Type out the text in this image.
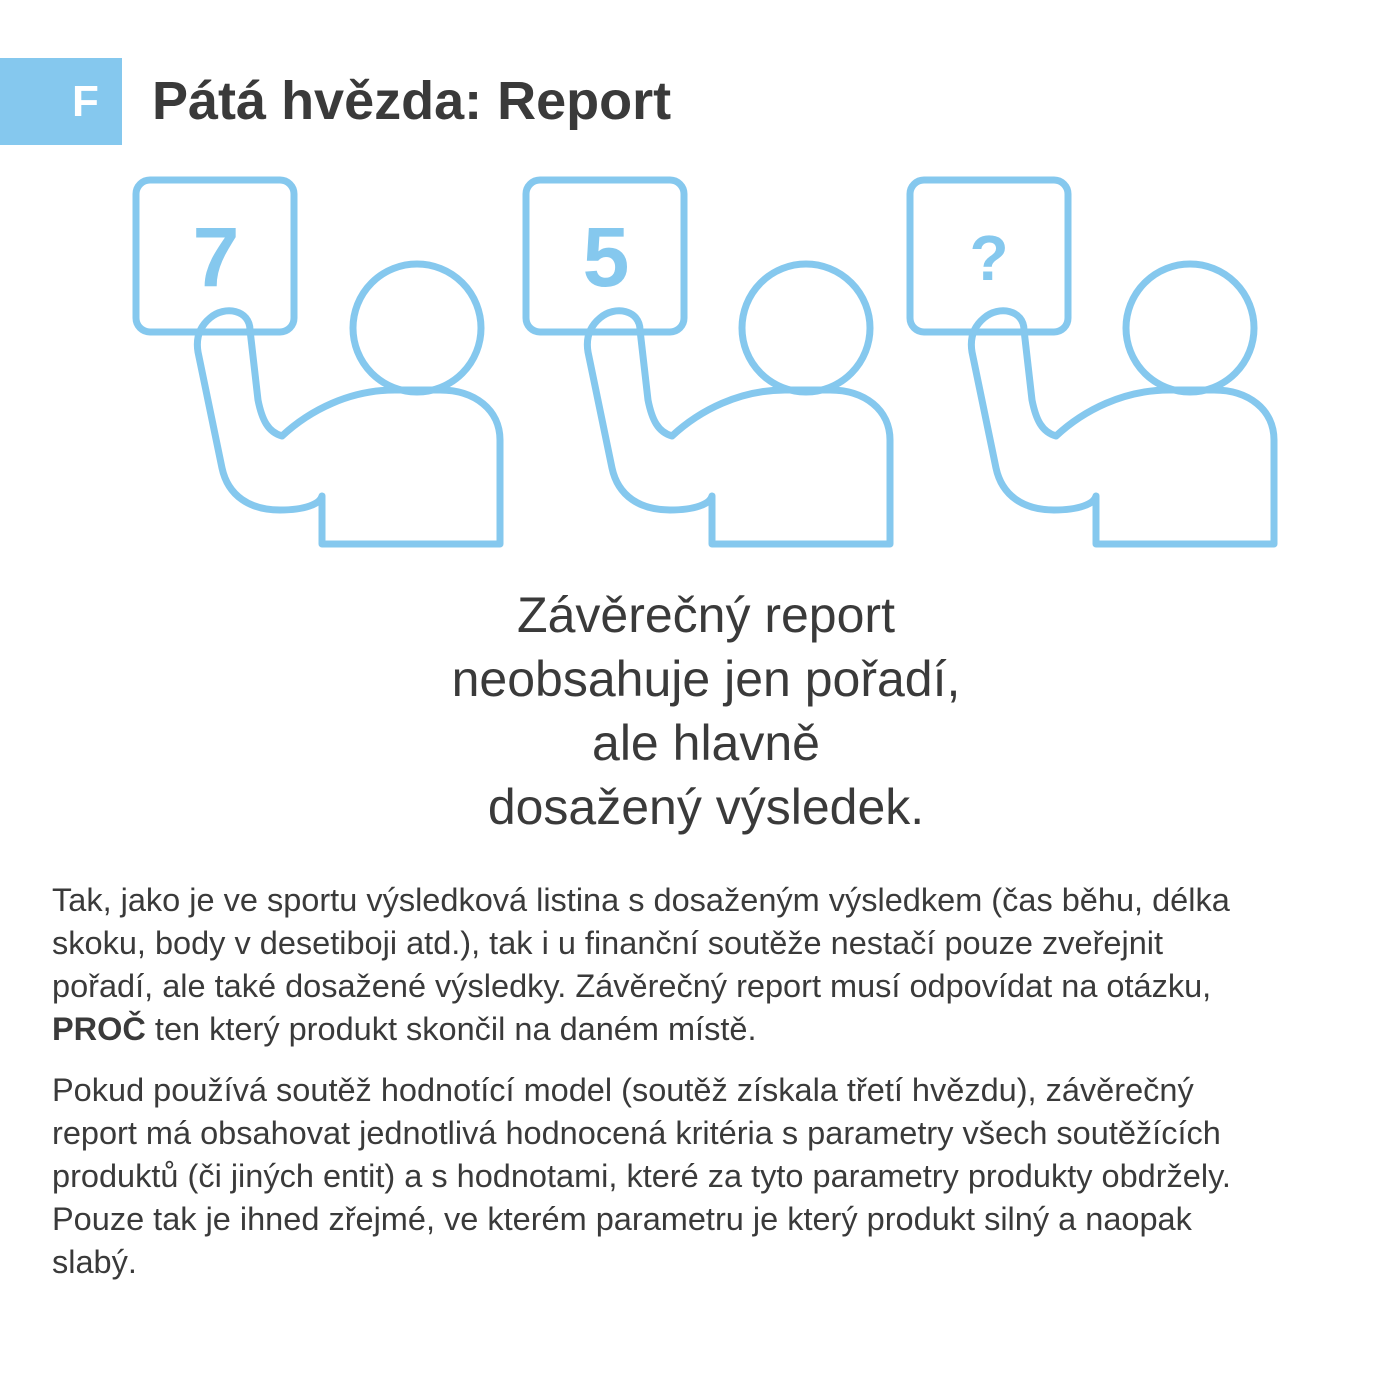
F Pátá hvězda: Report
7	5	?
Závěrečný report
neobsahuje jen pořadí,
ale hlavně
dosažený výsledek.

Tak, jako je ve sportu výsledková listina s dosaženým výsledkem (čas běhu, délka
skoku, body v desetiboji atd.), tak i u finanční soutěže nestačí pouze zveřejnit
pořadí, ale také dosažené výsledky. Závěrečný report musí odpovídat na otázku,
PROČ ten který produkt skončil na daném místě.

Pokud používá soutěž hodnotící model (soutěž získala třetí hvězdu), závěrečný
report má obsahovat jednotlivá hodnocená kritéria s parametry všech soutěžících
produktů (či jiných entit) a s hodnotami, které za tyto parametry produkty obdržely.
Pouze tak je ihned zřejmé, ve kterém parametru je který produkt silný a naopak
slabý.
